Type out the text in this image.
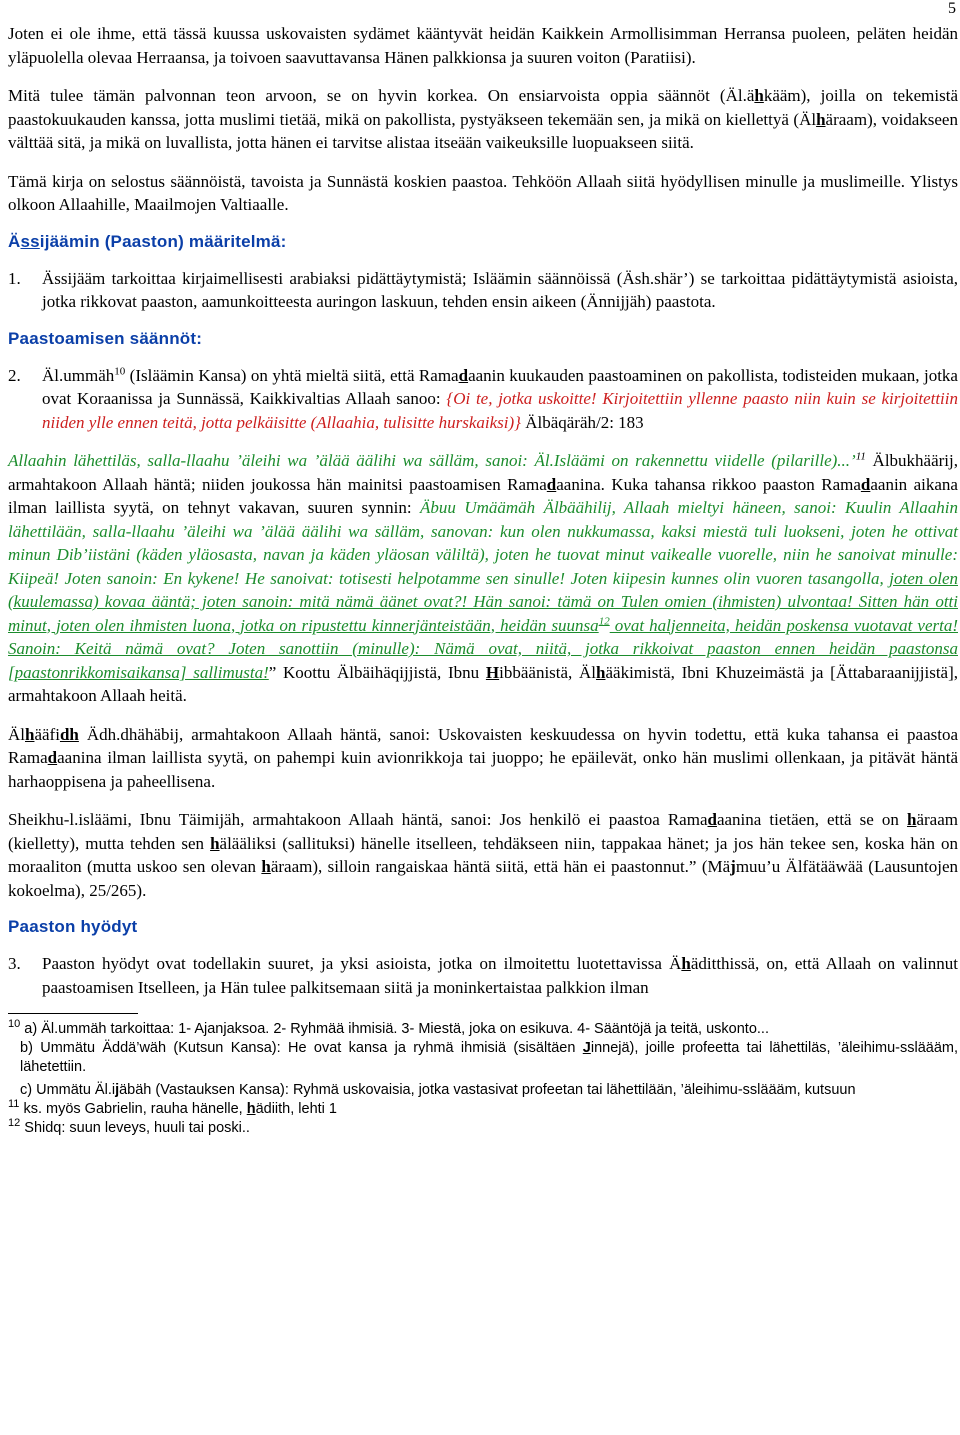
5

Joten ei ole ihme, että tässä kuussa uskovaisten sydämet kääntyvät heidän Kaikkein Armollisimman Herransa puoleen, peläten heidän yläpuolella olevaa Herraansa, ja toivoen saavuttavansa Hänen palkkionsa ja suuren voiton (Paratiisi).

Mitä tulee tämän palvonnan teon arvoon, se on hyvin korkea. On ensiarvoista oppia säännöt (Äl.ähkääm), joilla on tekemistä paastokuukauden kanssa, jotta muslimi tietää, mikä on pakollista, pystyäkseen tekemään sen, ja mikä on kiellettyä (Älhäraam), voidakseen välttää sitä, ja mikä on luvallista, jotta hänen ei tarvitse alistaa itseään vaikeuksille luopuakseen siitä.

Tämä kirja on selostus säännöistä, tavoista ja Sunnästä koskien paastoa. Tehköön Allaah siitä hyödyllisen minulle ja muslimeille. Ylistys olkoon Allaahille, Maailmojen Valtiaalle.

Ässijäämin (Paaston) määritelmä:

1.	Ässijääm tarkoittaa kirjaimellisesti arabiaksi pidättäytymistä; Isläämin säännöissä (Äsh.shär’) se tarkoittaa pidättäytymistä asioista, jotka rikkovat paaston, aamunkoitteesta auringon laskuun, tehden ensin aikeen (Ännijjäh) paastota.

Paastoamisen säännöt:

2.	Äl.ummäh$^{10}$ (Isläämin Kansa) on yhtä mieltä siitä, että Ramadaanin kuukauden paastoaminen on pakollista, todisteiden mukaan, jotka ovat Koraanissa ja Sunnässä, Kaikkivaltias Allaah sanoo: {Oi te, jotka uskoitte! Kirjoitettiin yllenne paasto niin kuin se kirjoitettiin niiden ylle ennen teitä, jotta pelkäisitte (Allaahia, tulisitte hurskaiksi)} Älbäqäräh/2: 183

Allaahin lähettiläs, salla-llaahu ’äleihi wa ’älää äälihi wa sälläm, sanoi: Äl.Isläämi on rakennettu viidelle (pilarille)...’$^{11}$ Älbukhäärij, armahtakoon Allaah häntä; niiden joukossa hän mainitsi paastoamisen Ramadaanina. Kuka tahansa rikkoo paaston Ramadaanin aikana ilman laillista syytä, on tehnyt vakavan, suuren synnin: Äbuu Umäämäh Älbäähilij, Allaah mieltyi häneen, sanoi: Kuulin Allaahin lähettilään, salla-llaahu ’äleihi wa ’älää äälihi wa sälläm, sanovan: kun olen nukkumassa, kaksi miestä tuli luokseni, joten he ottivat minun Dib’iistäni (käden yläosasta, navan ja käden yläosan väliltä), joten he tuovat minut vaikealle vuorelle, niin he sanoivat minulle: Kiipeä! Joten sanoin: En kykene! He sanoivat: totisesti helpotamme sen sinulle! Joten kiipesin kunnes olin vuoren tasangolla, joten olen (kuulemassa) kovaa ääntä; joten sanoin: mitä nämä äänet ovat?! Hän sanoi: tämä on Tulen omien (ihmisten) ulvontaa! Sitten hän otti minut, joten olen ihmisten luona, jotka on ripustettu kinnerjänteistään, heidän suunsa$^{12}$ ovat haljenneita, heidän poskensa vuotavat verta! Sanoin: Keitä nämä ovat? Joten sanottiin (minulle): Nämä ovat, niitä, jotka rikkoivat paaston ennen heidän paastonsa [paastonrikkomisaikansa] sallimusta!” Koottu Älbäihäqijjistä, Ibnu Hibbäänistä, Älhääkimistä, Ibni Khuzeimästä ja [Ättabaraanijjistä], armahtakoon Allaah heitä.

Älhääfidh Ädh.dhähäbij, armahtakoon Allaah häntä, sanoi: Uskovaisten keskuudessa on hyvin todettu, että kuka tahansa ei paastoa Ramadaanina ilman laillista syytä, on pahempi kuin avionrikkoja tai juoppo; he epäilevät, onko hän muslimi ollenkaan, ja pitävät häntä harhaoppisena ja paheellisena.

Sheikhu-l.isläämi, Ibnu Täimijäh, armahtakoon Allaah häntä, sanoi: Jos henkilö ei paastoa Ramadaanina tietäen, että se on häraam (kielletty), mutta tehden sen hälääliksi (sallituksi) hänelle itselleen, tehdäkseen niin, tappakaa hänet; ja jos hän tekee sen, koska hän on moraaliton (mutta uskoo sen olevan häraam), silloin rangaiskaa häntä siitä, että hän ei paastonnut.” (Mäjmuu’u Älfätääwää (Lausuntojen kokoelma), 25/265).

Paaston hyödyt

3.	Paaston hyödyt ovat todellakin suuret, ja yksi asioista, jotka on ilmoitettu luotettavissa Ähäditthissä, on, että Allaah on valinnut paastoamisen Itselleen, ja Hän tulee palkitsemaan siitä ja moninkertaistaa palkkion ilman

$^{10}$ a) Äl.ummäh tarkoittaa: 1- Ajanjaksoa. 2- Ryhmää ihmisiä. 3- Miestä, joka on esikuva. 4- Sääntöjä ja teitä, uskonto...

b) Ummätu Äddä’wäh (Kutsun Kansa): He ovat kansa ja ryhmä ihmisiä (sisältäen Jinnejä), joille profeetta tai lähettiläs, ’äleihimu-ssläääm, lähetettiin.

c) Ummätu Äl.ijäbäh (Vastauksen Kansa): Ryhmä uskovaisia, jotka vastasivat profeetan tai lähettilään, ’äleihimu-ssläääm, kutsuun

$^{11}$ ks. myös Gabrielin, rauha hänelle, hädiith, lehti 1

$^{12}$ Shidq: suun leveys, huuli tai poski..
